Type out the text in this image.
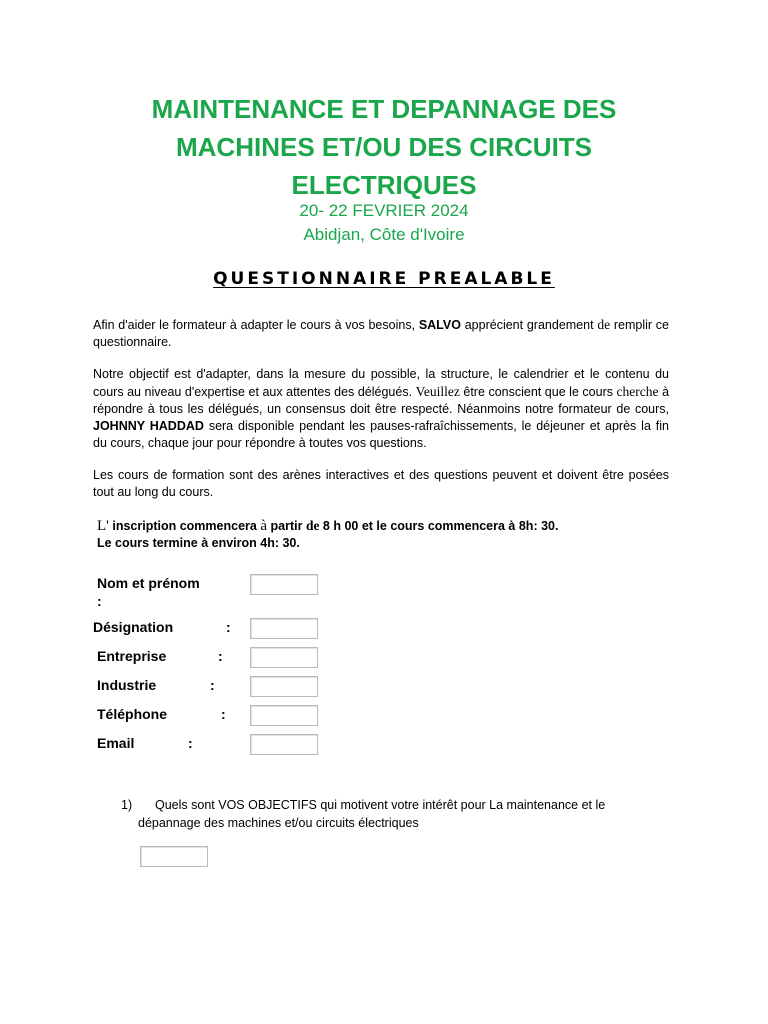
MAINTENANCE ET DEPANNAGE DES
MACHINES ET/OU DES CIRCUITS
ELECTRIQUES
20- 22 FEVRIER 2024
Abidjan, Côte d'Ivoire
QUESTIONNAIRE PREALABLE
Afin d'aider le formateur à adapter le cours à vos besoins, SALVO apprécient grandement de remplir ce questionnaire.
Notre objectif est d'adapter, dans la mesure du possible, la structure, le calendrier et le contenu du cours au niveau d'expertise et aux attentes des délégués. Veuillez être conscient que le cours cherche à répondre à tous les délégués, un consensus doit être respecté. Néanmoins notre formateur de cours, JOHNNY HADDAD sera disponible pendant les pauses-rafraîchissements, le déjeuner et après la fin du cours, chaque jour pour répondre à toutes vos questions.
Les cours de formation sont des arènes interactives et des questions peuvent et doivent être posées tout au long du cours.
L' inscription commencera à partir de 8 h 00 et le cours commencera à 8h: 30.
Le cours termine à environ 4h: 30.
Nom et prénom
:
Désignation	:
Entreprise	:
Industrie	:
Téléphone	:
Email	:
1) Quels sont VOS OBJECTIFS qui motivent votre intérêt pour La maintenance et le
dépannage des machines et/ou circuits électriques
